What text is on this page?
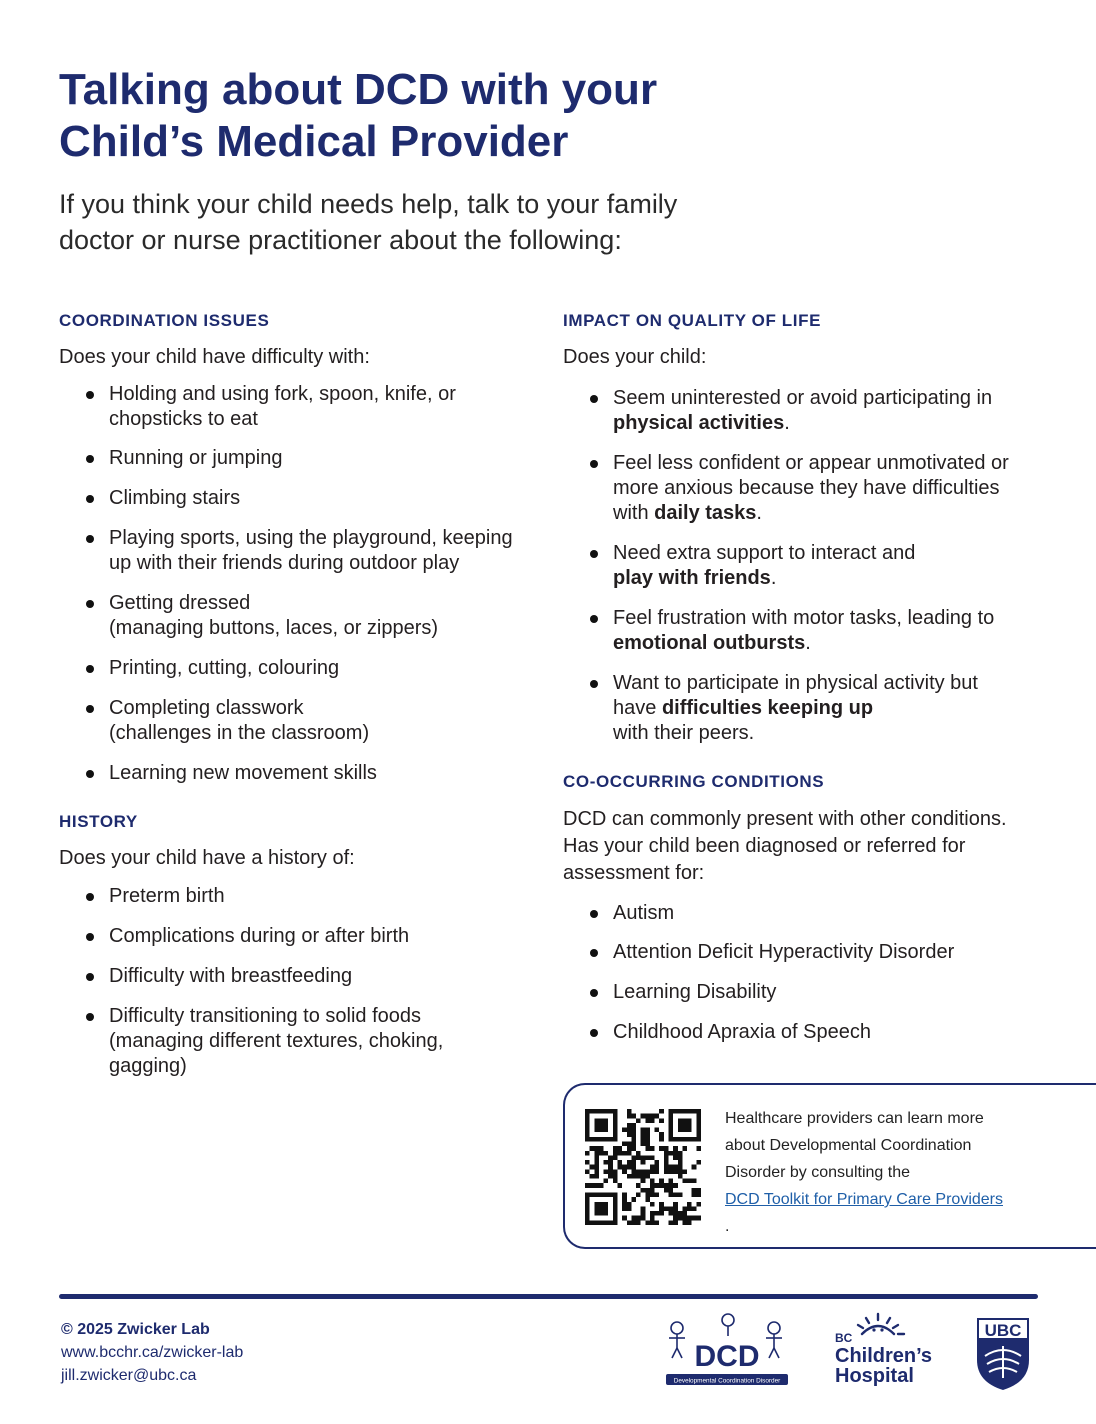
Talking about DCD with your
Child’s Medical Provider
If you think your child needs help, talk to your family
doctor or nurse practitioner about the following:
COORDINATION ISSUES

Does your child have difficulty with:

Holding and using fork, spoon, knife, or
chopsticks to eat
Running or jumping
Climbing stairs
Playing sports, using the playground, keeping
up with their friends during outdoor play
Getting dressed
(managing buttons, laces, or zippers)
Printing, cutting, colouring
Completing classwork
(challenges in the classroom)
Learning new movement skills
HISTORY

Does your child have a history of:

Preterm birth
Complications during or after birth
Difficulty with breastfeeding
Difficulty transitioning to solid foods
(managing different textures, choking,
gagging)
IMPACT ON QUALITY OF LIFE

Does your child:

Seem uninterested or avoid participating in
physical activities.
Feel less confident or appear unmotivated or
more anxious because they have difficulties
with daily tasks.
Need extra support to interact and
play with friends.
Feel frustration with motor tasks, leading to
emotional outbursts.
Want to participate in physical activity but
have difficulties keeping up
with their peers.
CO-OCCURRING CONDITIONS

DCD can commonly present with other conditions.
Has your child been diagnosed or referred for
assessment for:

Autism
Attention Deficit Hyperactivity Disorder
Learning Disability
Childhood Apraxia of Speech
Healthcare providers can learn more
about Developmental Coordination
Disorder by consulting the
DCD Toolkit for Primary Care Providers
.
© 2025 Zwicker Lab
www.bcchr.ca/zwicker-lab
jill.zwicker@ubc.ca
DCD
Developmental Coordination Disorder
BC
Children’s
Hospital
UBC
